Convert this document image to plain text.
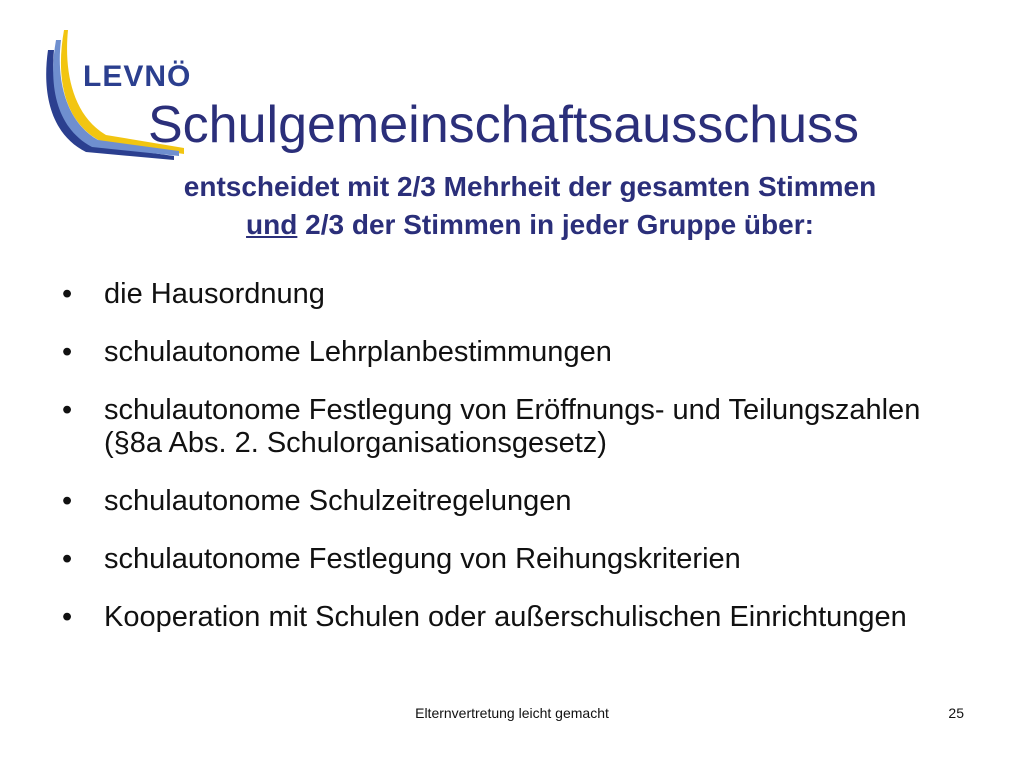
LEVNÖ
Schulgemeinschaftsausschuss
entscheidet mit 2/3 Mehrheit der gesamten Stimmen
und 2/3 der Stimmen in jeder Gruppe über:
• die Hausordnung
• schulautonome Lehrplanbestimmungen
• schulautonome Festlegung von Eröffnungs- und Teilungszahlen (§8a Abs. 2. Schulorganisationsgesetz)
• schulautonome Schulzeitregelungen
• schulautonome Festlegung von Reihungskriterien
• Kooperation mit Schulen oder außerschulischen Einrichtungen
Elternvertretung leicht gemacht	25
